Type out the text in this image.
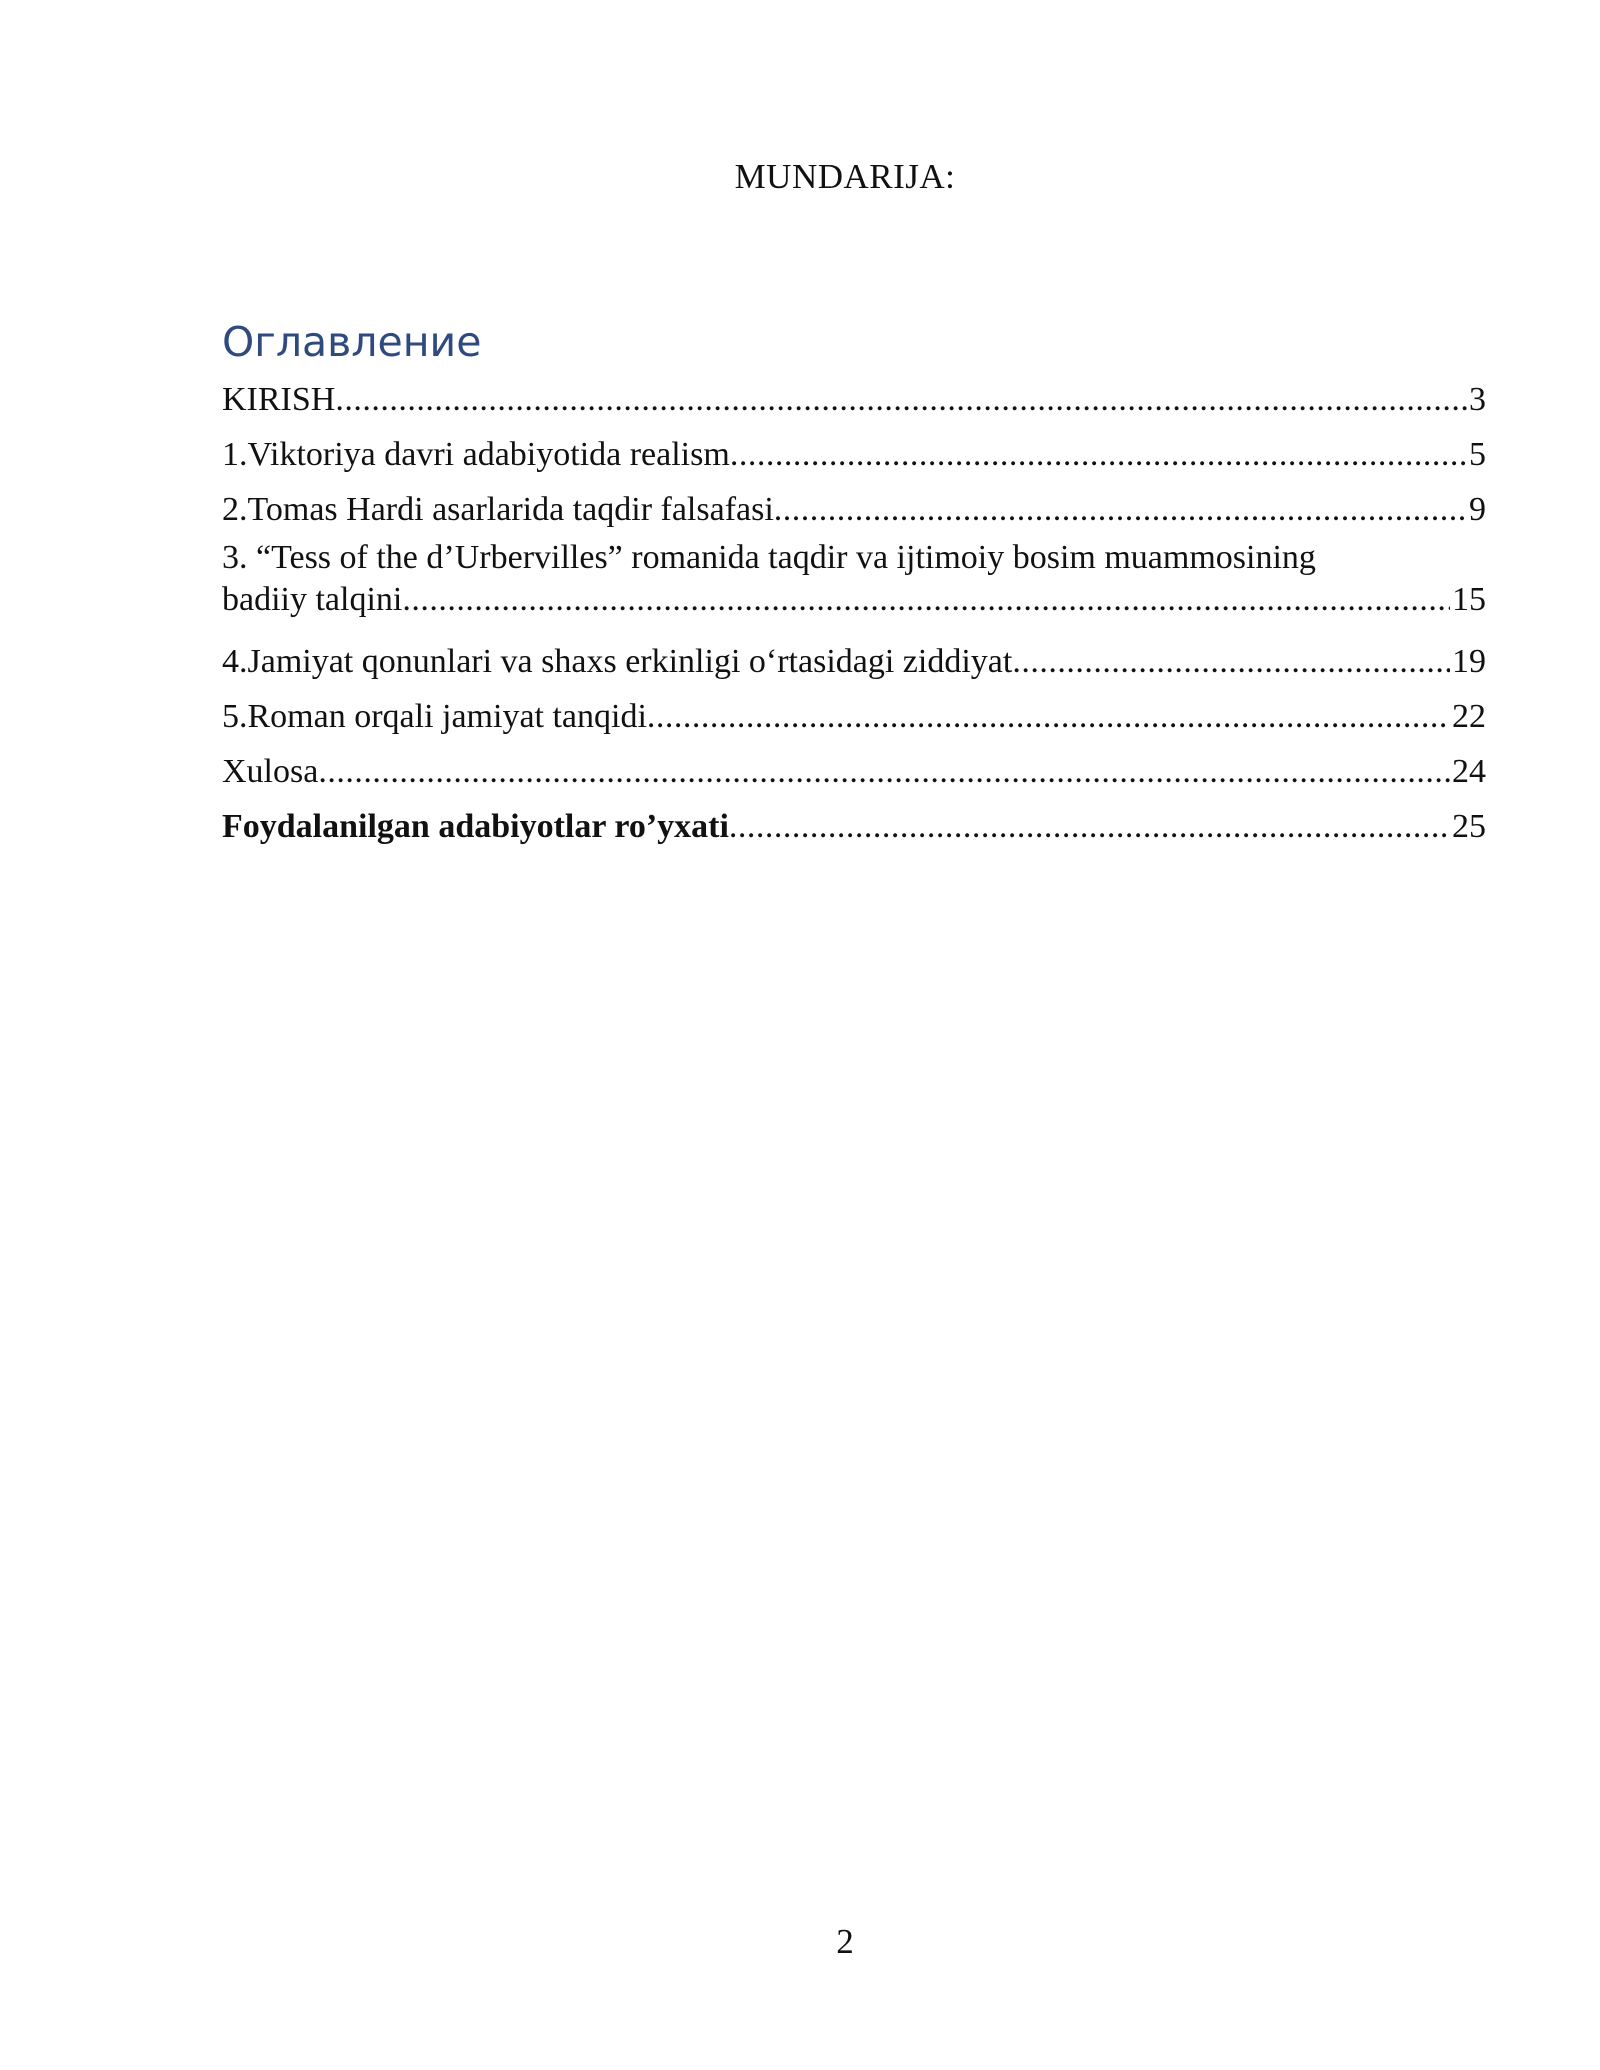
MUNDARIJA:
Оглавление
KIRISH .....	3
1.Viktoriya davri adabiyotida realism .....	5
2.Tomas Hardi asarlarida taqdir falsafasi .....	9
3. “Tess of the d’Urbervilles” romanida taqdir va ijtimoiy bosim muammosining
badiiy talqini .....	15
4.Jamiyat qonunlari va shaxs erkinligi o‘rtasidagi ziddiyat .....	19
5.Roman orqali jamiyat tanqidi .....	22
Xulosa .....	24
Foydalanilgan adabiyotlar ro’yxati .....	25
2
